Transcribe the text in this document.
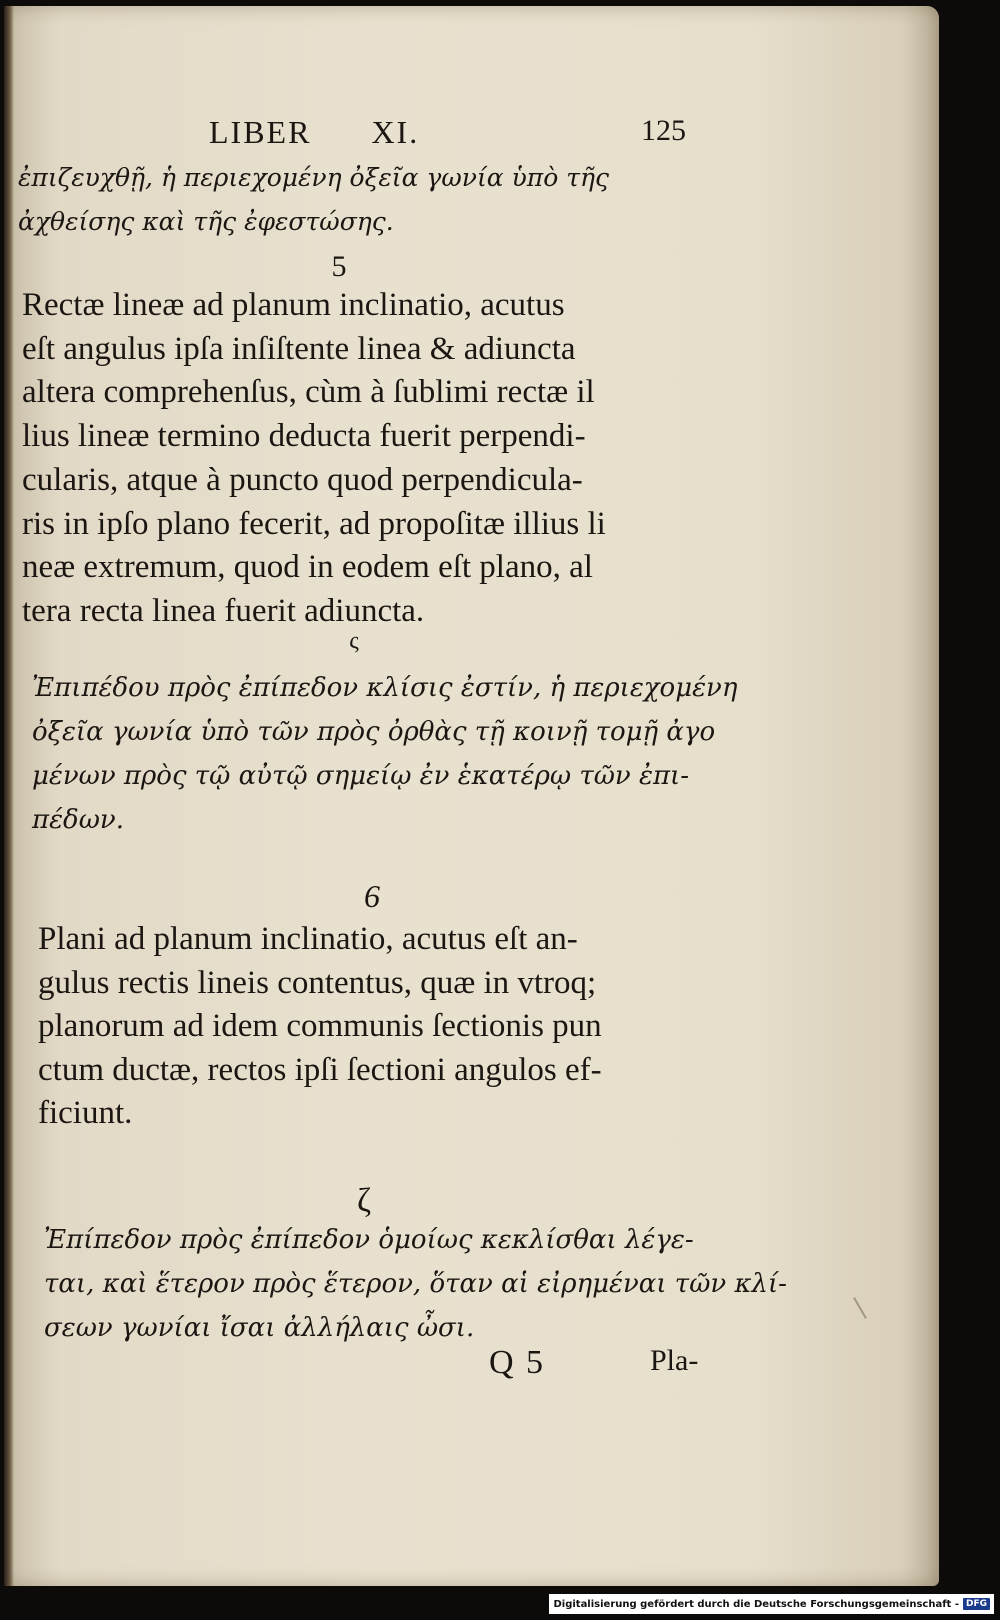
LIBER XI.	125
ἐπιζευχθῇ, ἡ περιεχομένη ὀξεῖα γωνία ὑπὸ τῆς
ἀχθείσης καὶ τῆς ἐφεστώσης.
5
Rectæ lineæ ad planum inclinatio, acutus
eſt angulus ipſa inſiſtente linea & adiuncta
altera comprehenſus, cùm à ſublimi rectæ il
lius lineæ termino deducta fuerit perpendi-
cularis, atque à puncto quod perpendicula-
ris in ipſo plano fecerit, ad propoſitæ illius li
neæ extremum, quod in eodem eſt plano, al
tera recta linea fuerit adiuncta.
ς
Ἐπιπέδου πρὸς ἐπίπεδον κλίσις ἐστίν, ἡ περιεχομένη
ὀξεῖα γωνία ὑπὸ τῶν πρὸς ὀρθὰς τῇ κοινῇ τομῇ ἀγο
μένων πρὸς τῷ αὐτῷ σημείῳ ἐν ἑκατέρῳ τῶν ἐπι-
πέδων.
6
Plani ad planum inclinatio, acutus eſt an-
gulus rectis lineis contentus, quæ in vtroq;
planorum ad idem communis ſectionis pun
ctum ductæ, rectos ipſi ſectioni angulos ef-
ficiunt.
ζ
Ἐπίπεδον πρὸς ἐπίπεδον ὁμοίως κεκλίσθαι λέγε-
ται, καὶ ἕτερον πρὸς ἕτερον, ὅταν αἱ εἰρημέναι τῶν κλί-
σεων γωνίαι ἴσαι ἀλλήλαις ὦσι.
Q 5	Pla-
Digitalisierung gefördert durch die Deutsche Forschungsgemeinschaft - DFG
